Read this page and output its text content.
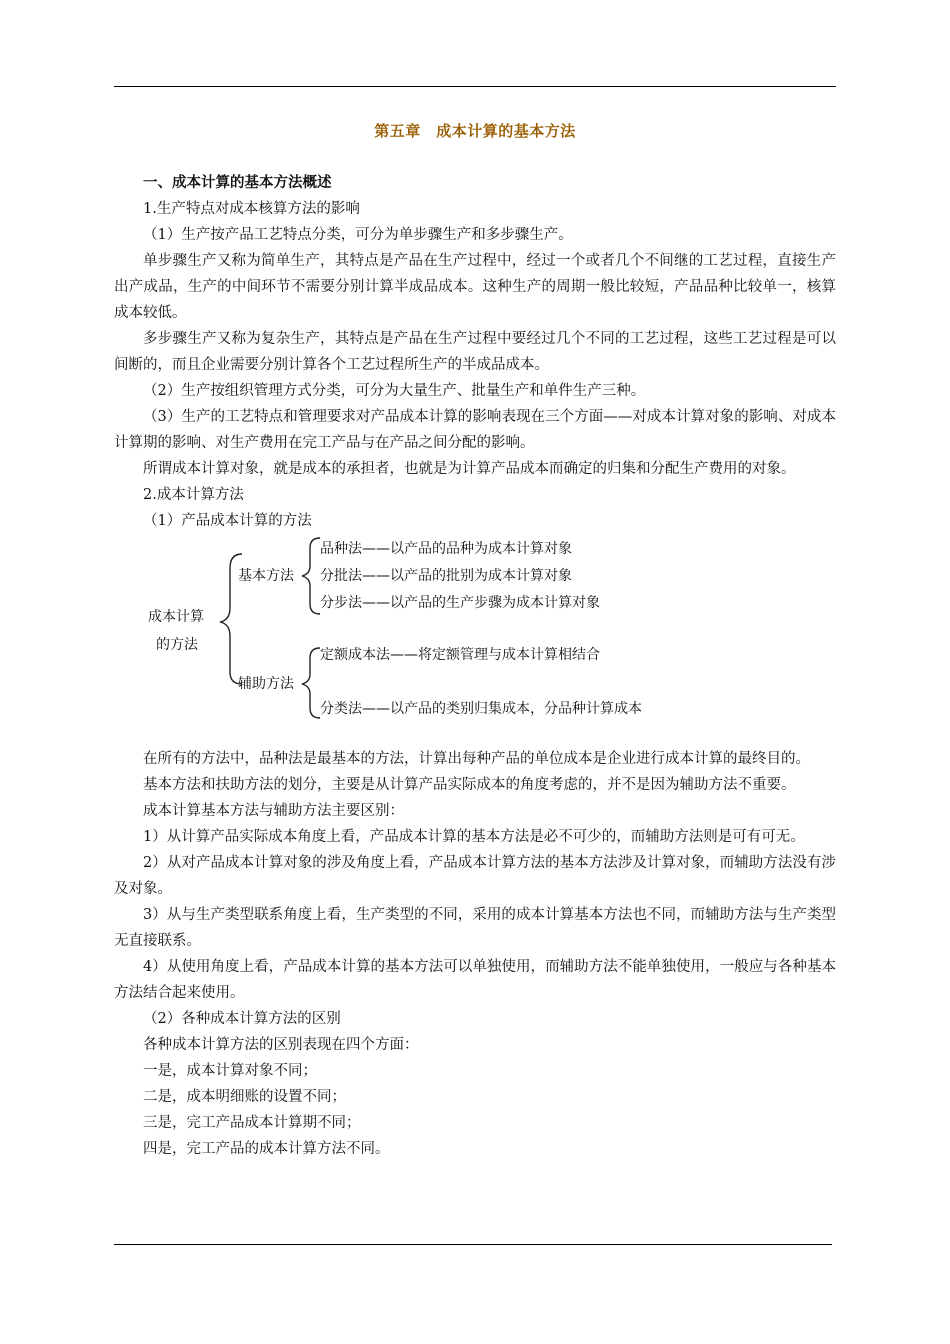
第五章　成本计算的基本方法

一、成本计算的基本方法概述

1.生产特点对成本核算方法的影响

（1）生产按产品工艺特点分类，可分为单步骤生产和多步骤生产。

单步骤生产又称为简单生产，其特点是产品在生产过程中，经过一个或者几个不间继的工艺过程，直接生产出产成品，生产的中间环节不需要分别计算半成品成本。这种生产的周期一般比较短，产品品种比较单一，核算成本较低。

多步骤生产又称为复杂生产，其特点是产品在生产过程中要经过几个不同的工艺过程，这些工艺过程是可以间断的，而且企业需要分别计算各个工艺过程所生产的半成品成本。

（2）生产按组织管理方式分类，可分为大量生产、批量生产和单件生产三种。

（3）生产的工艺特点和管理要求对产品成本计算的影响表现在三个方面——对成本计算对象的影响、对成本计算期的影响、对生产费用在完工产品与在产品之间分配的影响。

所谓成本计算对象，就是成本的承担者，也就是为计算产品成本而确定的归集和分配生产费用的对象。

2.成本计算方法

（1）产品成本计算的方法

成本计算
的方法
基本方法
辅助方法
品种法——以产品的品种为成本计算对象
分批法——以产品的批别为成本计算对象
分步法——以产品的生产步骤为成本计算对象
定额成本法——将定额管理与成本计算相结合
分类法——以产品的类别归集成本，分品种计算成本

在所有的方法中，品种法是最基本的方法，计算出每种产品的单位成本是企业进行成本计算的最终目的。

基本方法和扶助方法的划分，主要是从计算产品实际成本的角度考虑的，并不是因为辅助方法不重要。

成本计算基本方法与辅助方法主要区别：

1）从计算产品实际成本角度上看，产品成本计算的基本方法是必不可少的，而辅助方法则是可有可无。

2）从对产品成本计算对象的涉及角度上看，产品成本计算方法的基本方法涉及计算对象，而辅助方法没有涉及对象。

3）从与生产类型联系角度上看，生产类型的不同，采用的成本计算基本方法也不同，而辅助方法与生产类型无直接联系。

4）从使用角度上看，产品成本计算的基本方法可以单独使用，而辅助方法不能单独使用，一般应与各种基本方法结合起来使用。

（2）各种成本计算方法的区别

各种成本计算方法的区别表现在四个方面：

一是，成本计算对象不同；

二是，成本明细账的设置不同；

三是，完工产品成本计算期不同；

四是，完工产品的成本计算方法不同。
